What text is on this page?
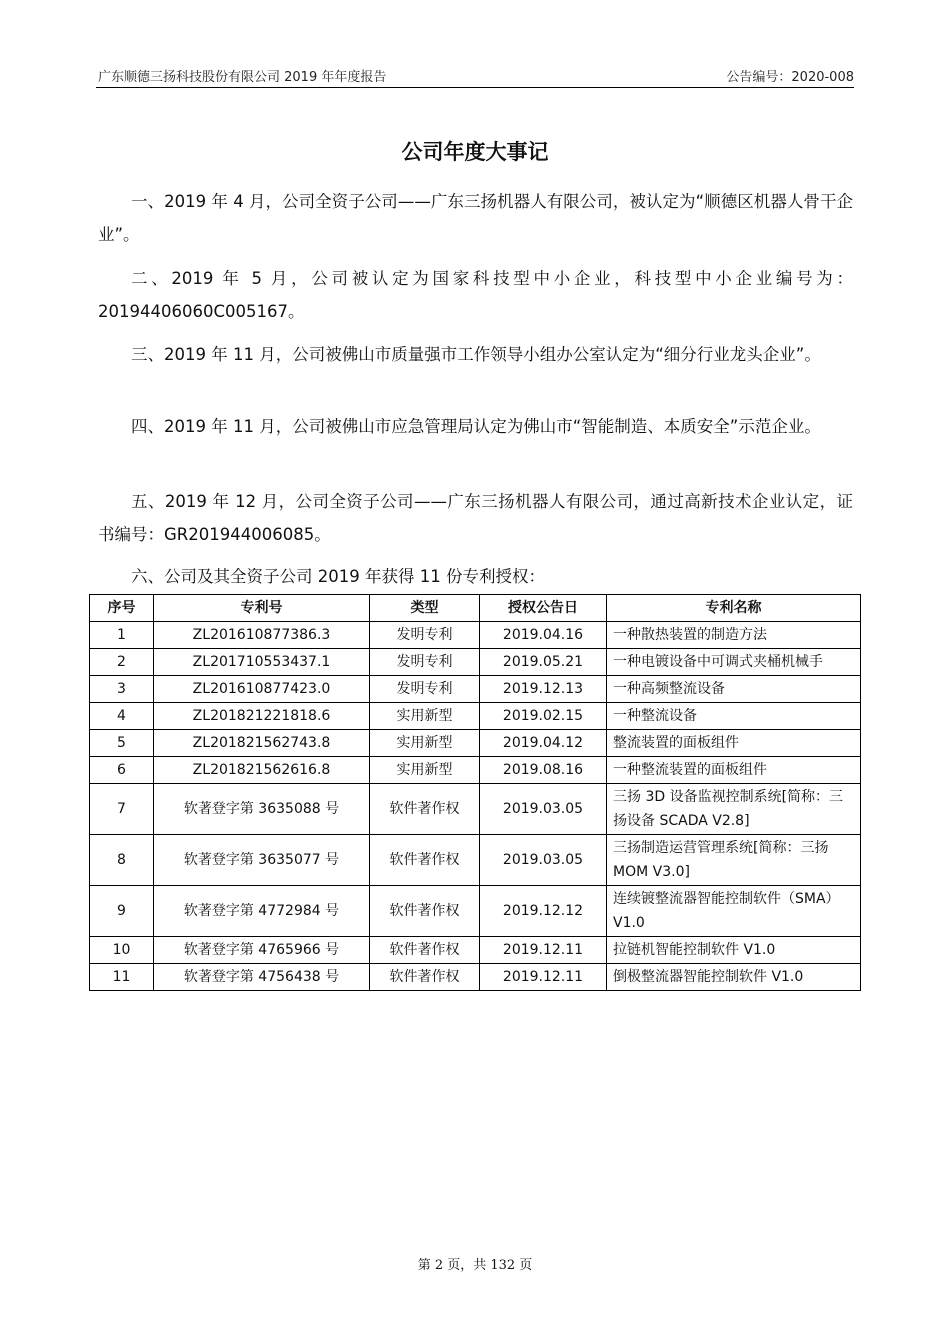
广东顺德三扬科技股份有限公司 2019 年年度报告	公告编号：2020-008
公司年度大事记

一、2019 年 4 月，公司全资子公司——广东三扬机器人有限公司，被认定为“顺德区机器人骨干企业”。

二、2019 年 5 月，公司被认定为国家科技型中小企业，科技型中小企业编号为：20194406060C005167。

三、2019 年 11 月，公司被佛山市质量强市工作领导小组办公室认定为“细分行业龙头企业”。

四、2019 年 11 月，公司被佛山市应急管理局认定为佛山市“智能制造、本质安全”示范企业。

五、2019 年 12 月，公司全资子公司——广东三扬机器人有限公司，通过高新技术企业认定，证书编号：GR201944006085。

六、公司及其全资子公司 2019 年获得 11 份专利授权：

序号	专利号	类型	授权公告日	专利名称
1	ZL201610877386.3	发明专利	2019.04.16	一种散热装置的制造方法
2	ZL201710553437.1	发明专利	2019.05.21	一种电镀设备中可调式夹桶机械手
3	ZL201610877423.0	发明专利	2019.12.13	一种高频整流设备
4	ZL201821221818.6	实用新型	2019.02.15	一种整流设备
5	ZL201821562743.8	实用新型	2019.04.12	整流装置的面板组件
6	ZL201821562616.8	实用新型	2019.08.16	一种整流装置的面板组件
7	软著登字第 3635088 号	软件著作权	2019.03.05	三扬 3D 设备监视控制系统[简称：三扬设备 SCADA V2.8]
8	软著登字第 3635077 号	软件著作权	2019.03.05	三扬制造运营管理系统[简称：三扬 MOM V3.0]
9	软著登字第 4772984 号	软件著作权	2019.12.12	连续镀整流器智能控制软件（SMA）V1.0
10	软著登字第 4765966 号	软件著作权	2019.12.11	拉链机智能控制软件 V1.0
11	软著登字第 4756438 号	软件著作权	2019.12.11	倒极整流器智能控制软件 V1.0
第 2 页，共 132 页
